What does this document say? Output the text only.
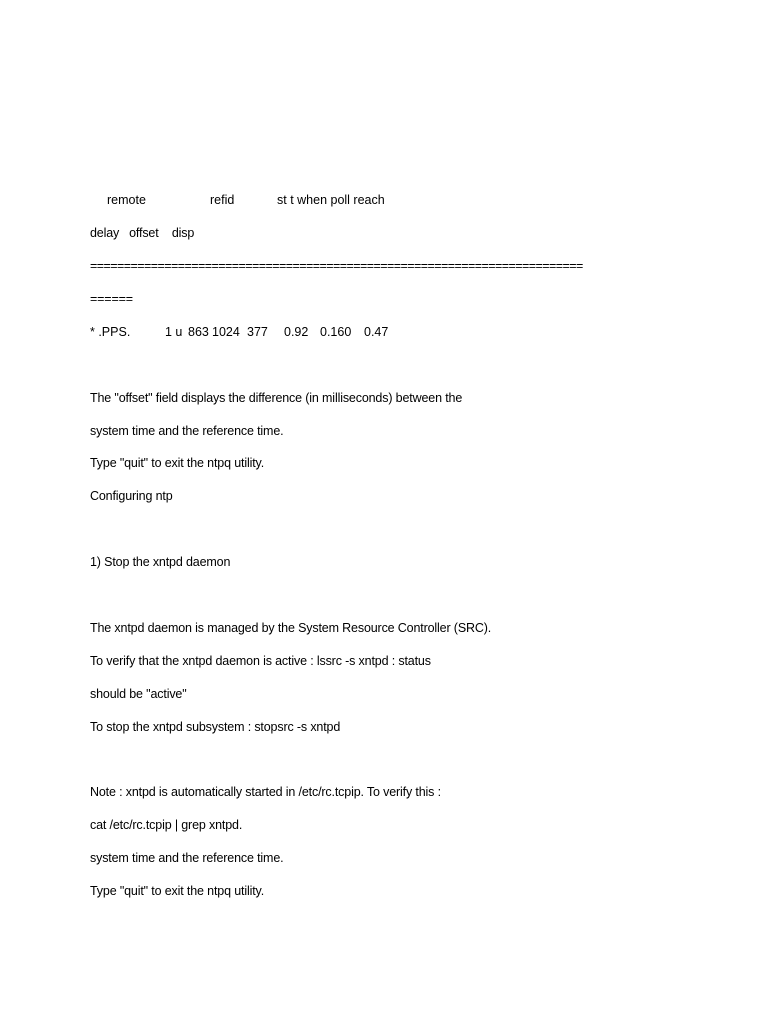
remote	refid	st t when poll reach
delay   offset    disp
=========================================================================
======
* .PPS.	1 u 863 1024 377 0.92 0.160 0.47
The "offset" field displays the difference (in milliseconds) between the
system time and the reference time.
Type "quit" to exit the ntpq utility.
Configuring ntp
1) Stop the xntpd daemon
The xntpd daemon is managed by the System Resource Controller (SRC).
To verify that the xntpd daemon is active : lssrc -s xntpd : status
should be "active"
To stop the xntpd subsystem : stopsrc -s xntpd
Note : xntpd is automatically started in /etc/rc.tcpip. To verify this :
cat /etc/rc.tcpip | grep xntpd.
system time and the reference time.
Type "quit" to exit the ntpq utility.
